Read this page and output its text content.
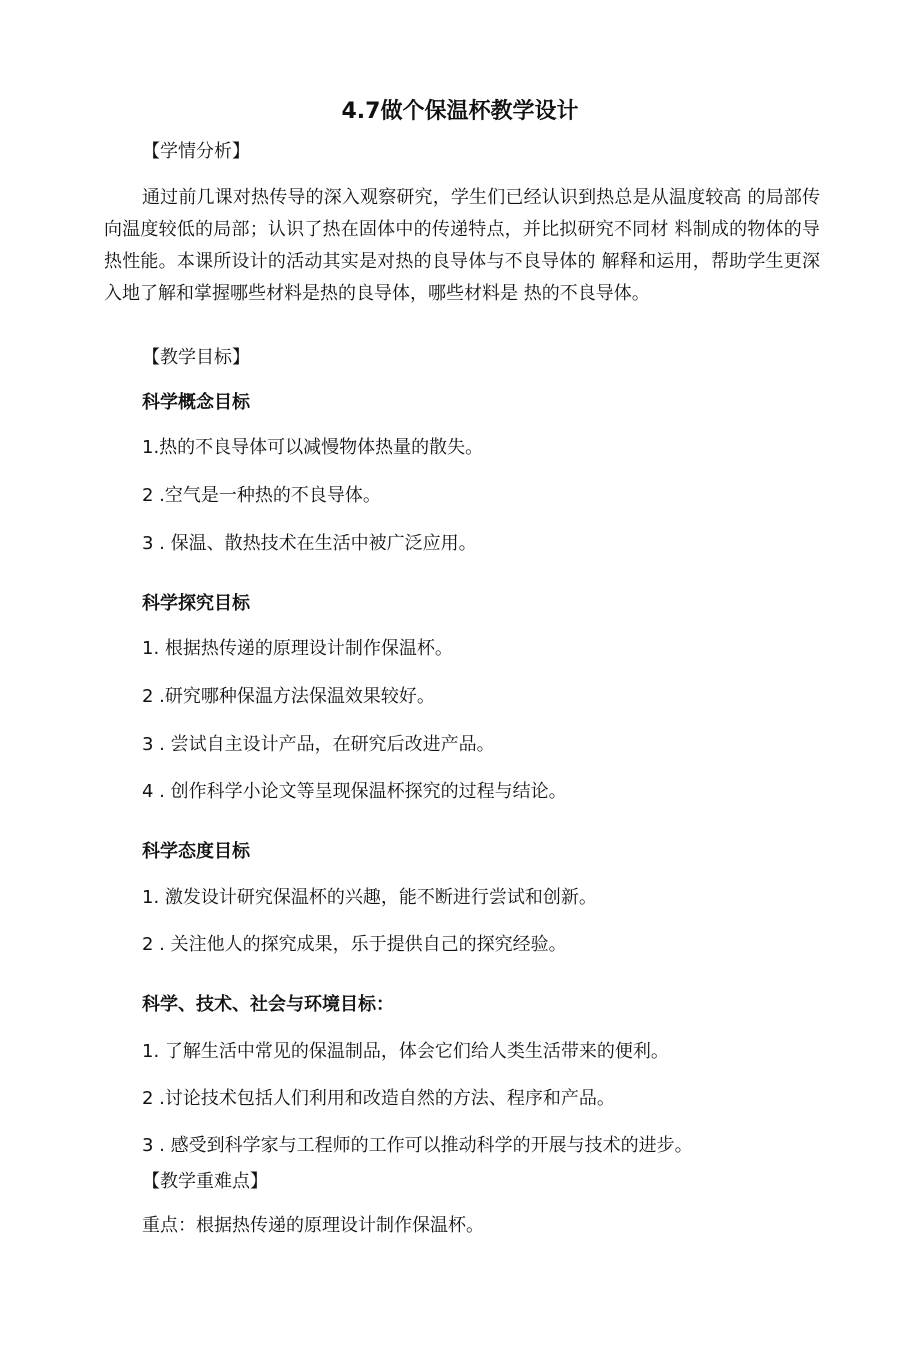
4.7做个保温杯教学设计
【学情分析】
通过前几课对热传导的深入观察研究，学生们已经认识到热总是从温度较高 的局部传向温度较低的局部；认识了热在固体中的传递特点，并比拟研究不同材 料制成的物体的导热性能。本课所设计的活动其实是对热的良导体与不良导体的 解释和运用，帮助学生更深入地了解和掌握哪些材料是热的良导体，哪些材料是 热的不良导体。
【教学目标】
科学概念目标
1.热的不良导体可以减慢物体热量的散失。
2 .空气是一种热的不良导体。
3 . 保温、散热技术在生活中被广泛应用。
科学探究目标
1. 根据热传递的原理设计制作保温杯。
2 .研究哪种保温方法保温效果较好。
3 . 尝试自主设计产品，在研究后改进产品。
4 . 创作科学小论文等呈现保温杯探究的过程与结论。
科学态度目标
1. 激发设计研究保温杯的兴趣，能不断进行尝试和创新。
2 . 关注他人的探究成果，乐于提供自己的探究经验。
科学、技术、社会与环境目标：
1. 了解生活中常见的保温制品，体会它们给人类生活带来的便利。
2 .讨论技术包括人们利用和改造自然的方法、程序和产品。
3 . 感受到科学家与工程师的工作可以推动科学的开展与技术的进步。
【教学重难点】
重点：根据热传递的原理设计制作保温杯。
